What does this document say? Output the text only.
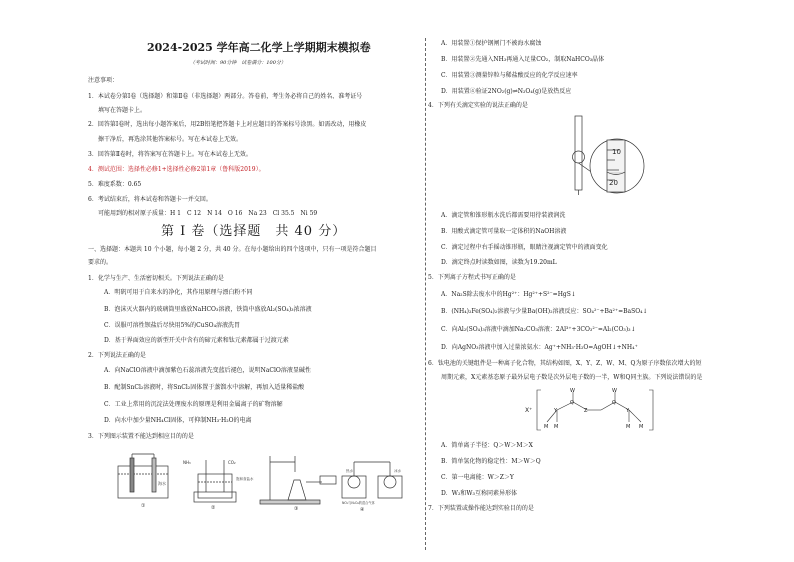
2024-2025 学年高二化学上学期期末模拟卷
（考试时间：90分钟　试卷满分：100分）
注意事项：
1．本试卷分第Ⅰ卷（选择题）和第Ⅱ卷（非选择题）两部分。答卷前，考生务必将自己的姓名、准考证号
填写在答题卡上。
2．回答第Ⅰ卷时，选出每小题答案后，用2B铅笔把答题卡上对应题目的答案标号涂黑。如需改动，用橡皮
擦干净后，再选涂其他答案标号。写在本试卷上无效。
3．回答第Ⅱ卷时，将答案写在答题卡上。写在本试卷上无效。
4．测试范围：选择性必修1+选择性必修2第1章（鲁科版2019）。
5．难度系数：0.65
6．考试结束后，将本试卷和答题卡一并交回。
可能用到的相对原子质量：H 1　C 12　N 14　O 16　Na 23　Cl 35.5　Ni 59
第 Ⅰ 卷（选择题　共 40 分）
一、选择题：本题共 10 个小题，每小题 2 分，共 40 分。在每小题给出的四个选项中，只有一项是符合题目
要求的。
1．化学与生产、生活密切相关。下列说法正确的是
A．明矾可用于自来水的净化，其作用原理与漂白粉不同
B．泡沫灭火器内的玻璃筒里盛放NaHCO₃溶液，铁筒中盛放Al₂(SO₄)₃浓溶液
C．误服可溶性钡盐后尽快用5%的CuSO₄溶液洗胃
D．基于界面效应的新型开关中含有的碲元素和钛元素都属于过渡元素
2．下列说法正确的是
A．向NaClO溶液中滴加紫色石蕊溶液先变蓝后褪色，说明NaClO溶液显碱性
B．配制SnCl₂溶液时，将SnCl₂固体置于蒸馏水中溶解，再加入适量稀盐酸
C．工业上常用的沉淀法处理废水的原理是利用金属离子的矿物溶解
D．向水中加少量NH₄Cl固体，可抑制NH₃·H₂O的电离
3．下列图示装置不能达到相应目的的是
海水
①
NH₃	CO₂
饱和食盐水
②	③
热水	冰水
NO₂与N₂O₄的混合气体
④
A．用装置①保护钢闸门不被海水腐蚀
B．用装置②先通入NH₃再通入足量CO₂，制取NaHCO₃晶体
C．用装置③测量锌粒与稀盐酸反应的化学反应速率
D．用装置④验证2NO₂(g)⇌N₂O₄(g)是放热反应
4．下列有关滴定实验的说法正确的是
10
20
A．滴定管和锥形瓶水洗后都需要用待装液润洗
B．用酸式滴定管可量取一定体积的NaOH溶液
C．滴定过程中右手摇动锥形瓶，眼睛注视滴定管中的液面变化
D．滴定终点时读数如图，读数为19.20mL
5．下列离子方程式书写正确的是
A．Na₂S除去废水中的Hg²⁺：Hg²⁺+S²⁻=HgS↓
B．(NH₄)₂Fe(SO₄)₂溶液与少量Ba(OH)₂溶液反应：SO₄²⁻+Ba²⁺=BaSO₄↓
C．向Al₂(SO₄)₃溶液中滴加Na₂CO₃溶液：2Al³⁺+3CO₃²⁻=Al₂(CO₃)₃↓
D．向AgNO₃溶液中加入过量浓氨水：Ag⁺+NH₃·H₂O=AgOH↓+NH₄⁺
6．钛电池的关键组件是一种离子化合物，其结构如图，X、Y、Z、W、M、Q为原子序数依次增大的短
周期元素，X元素基态原子最外层电子数是次外层电子数的一半，W和Q同主族。下列说法错误的是
X⁺	Y
Q
Z
Q
Y
M
M
W	W
M M
A．简单离子半径：Q＞W＞M＞X
B．简单氢化物的稳定性：M＞W＞Q
C．第一电离能：W＞Z＞Y
D．W₂和W₃互称同素异形体
7．下列装置或操作能达到实验目的的是
